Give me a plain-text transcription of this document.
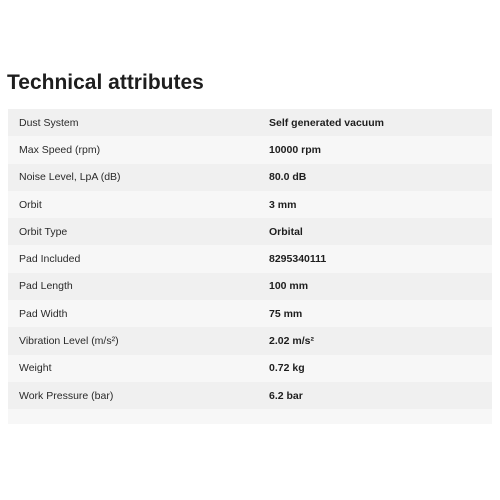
Technical attributes
Dust System	Self generated vacuum
Max Speed (rpm)	10000 rpm
Noise Level, LpA (dB)	80.0 dB
Orbit	3 mm
Orbit Type	Orbital
Pad Included	8295340111
Pad Length	100 mm
Pad Width	75 mm
Vibration Level (m/s²)	2.02 m/s²
Weight	0.72 kg
Work Pressure (bar)	6.2 bar
